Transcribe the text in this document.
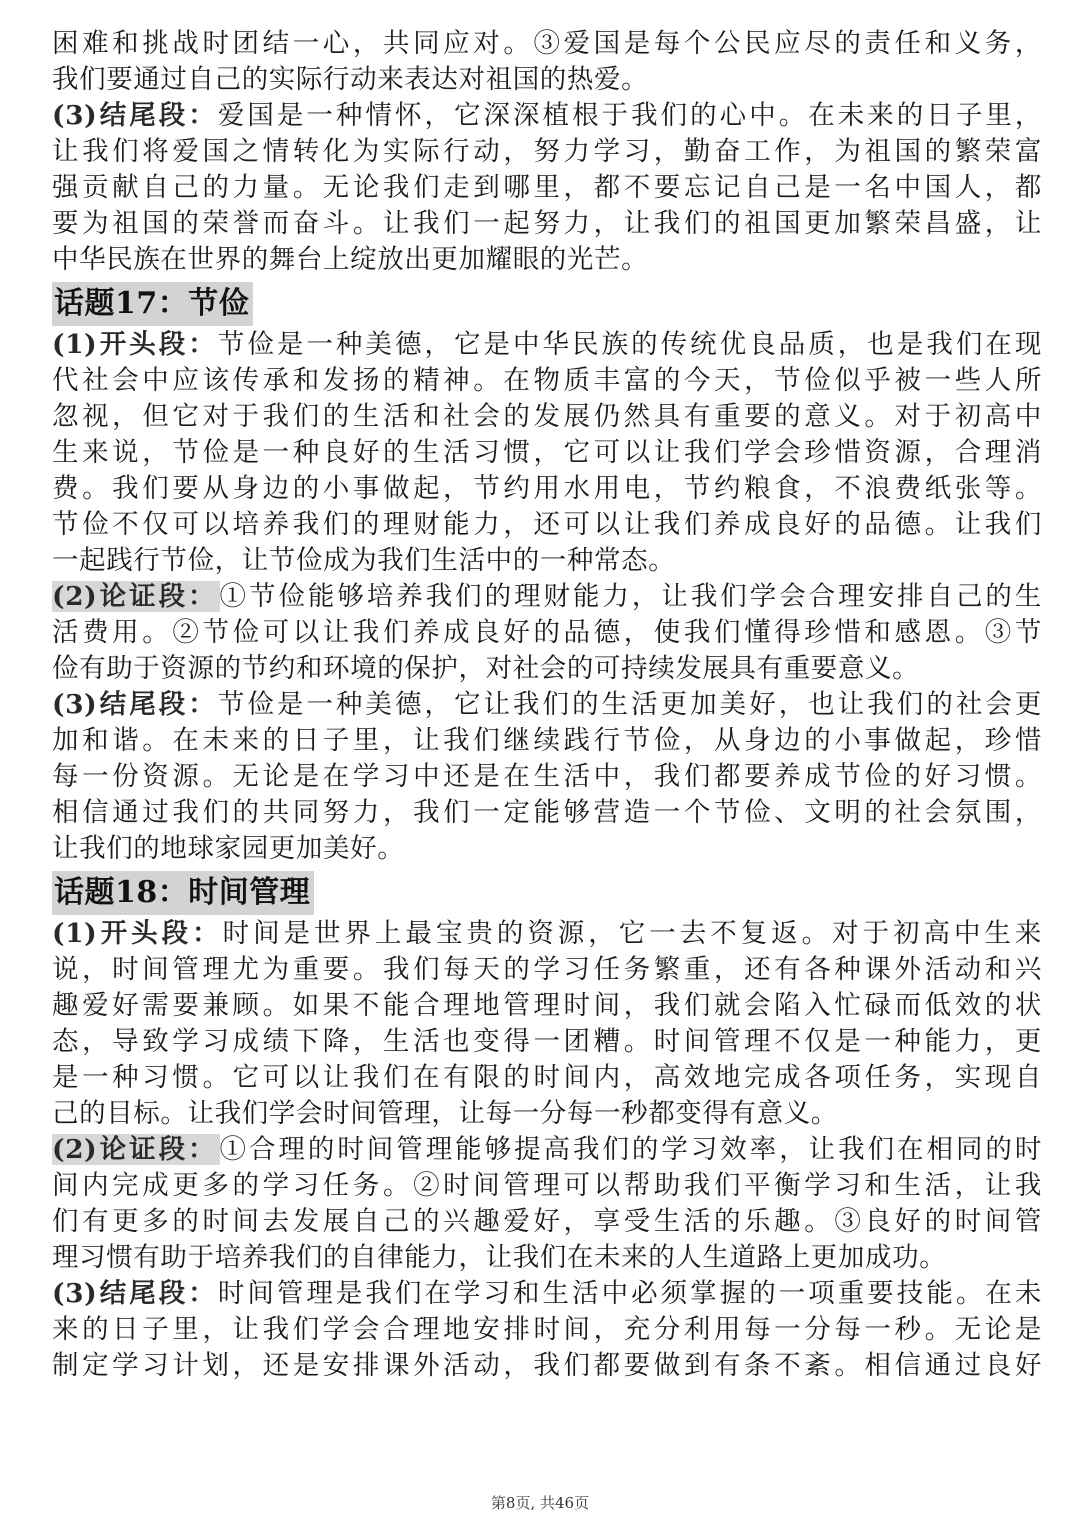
困难和挑战时团结一心，共同应对。③爱国是每个公民应尽的责任和义务，
我们要通过自己的实际行动来表达对祖国的热爱。
(3)结尾段：爱国是一种情怀，它深深植根于我们的心中。在未来的日子里，
让我们将爱国之情转化为实际行动，努力学习，勤奋工作，为祖国的繁荣富
强贡献自己的力量。无论我们走到哪里，都不要忘记自己是一名中国人，都
要为祖国的荣誉而奋斗。让我们一起努力，让我们的祖国更加繁荣昌盛，让
中华民族在世界的舞台上绽放出更加耀眼的光芒。
话题17：节俭
(1)开头段：节俭是一种美德，它是中华民族的传统优良品质，也是我们在现
代社会中应该传承和发扬的精神。在物质丰富的今天，节俭似乎被一些人所
忽视，但它对于我们的生活和社会的发展仍然具有重要的意义。对于初高中
生来说，节俭是一种良好的生活习惯，它可以让我们学会珍惜资源，合理消
费。我们要从身边的小事做起，节约用水用电，节约粮食，不浪费纸张等。
节俭不仅可以培养我们的理财能力，还可以让我们养成良好的品德。让我们
一起践行节俭，让节俭成为我们生活中的一种常态。
(2)论证段：①节俭能够培养我们的理财能力，让我们学会合理安排自己的生
活费用。②节俭可以让我们养成良好的品德，使我们懂得珍惜和感恩。③节
俭有助于资源的节约和环境的保护，对社会的可持续发展具有重要意义。
(3)结尾段：节俭是一种美德，它让我们的生活更加美好，也让我们的社会更
加和谐。在未来的日子里，让我们继续践行节俭，从身边的小事做起，珍惜
每一份资源。无论是在学习中还是在生活中，我们都要养成节俭的好习惯。
相信通过我们的共同努力，我们一定能够营造一个节俭、文明的社会氛围，
让我们的地球家园更加美好。
话题18：时间管理
(1)开头段：时间是世界上最宝贵的资源，它一去不复返。对于初高中生来
说，时间管理尤为重要。我们每天的学习任务繁重，还有各种课外活动和兴
趣爱好需要兼顾。如果不能合理地管理时间，我们就会陷入忙碌而低效的状
态，导致学习成绩下降，生活也变得一团糟。时间管理不仅是一种能力，更
是一种习惯。它可以让我们在有限的时间内，高效地完成各项任务，实现自
己的目标。让我们学会时间管理，让每一分每一秒都变得有意义。
(2)论证段：①合理的时间管理能够提高我们的学习效率，让我们在相同的时
间内完成更多的学习任务。②时间管理可以帮助我们平衡学习和生活，让我
们有更多的时间去发展自己的兴趣爱好，享受生活的乐趣。③良好的时间管
理习惯有助于培养我们的自律能力，让我们在未来的人生道路上更加成功。
(3)结尾段：时间管理是我们在学习和生活中必须掌握的一项重要技能。在未
来的日子里，让我们学会合理地安排时间，充分利用每一分每一秒。无论是
制定学习计划，还是安排课外活动，我们都要做到有条不紊。相信通过良好
第8页, 共46页
